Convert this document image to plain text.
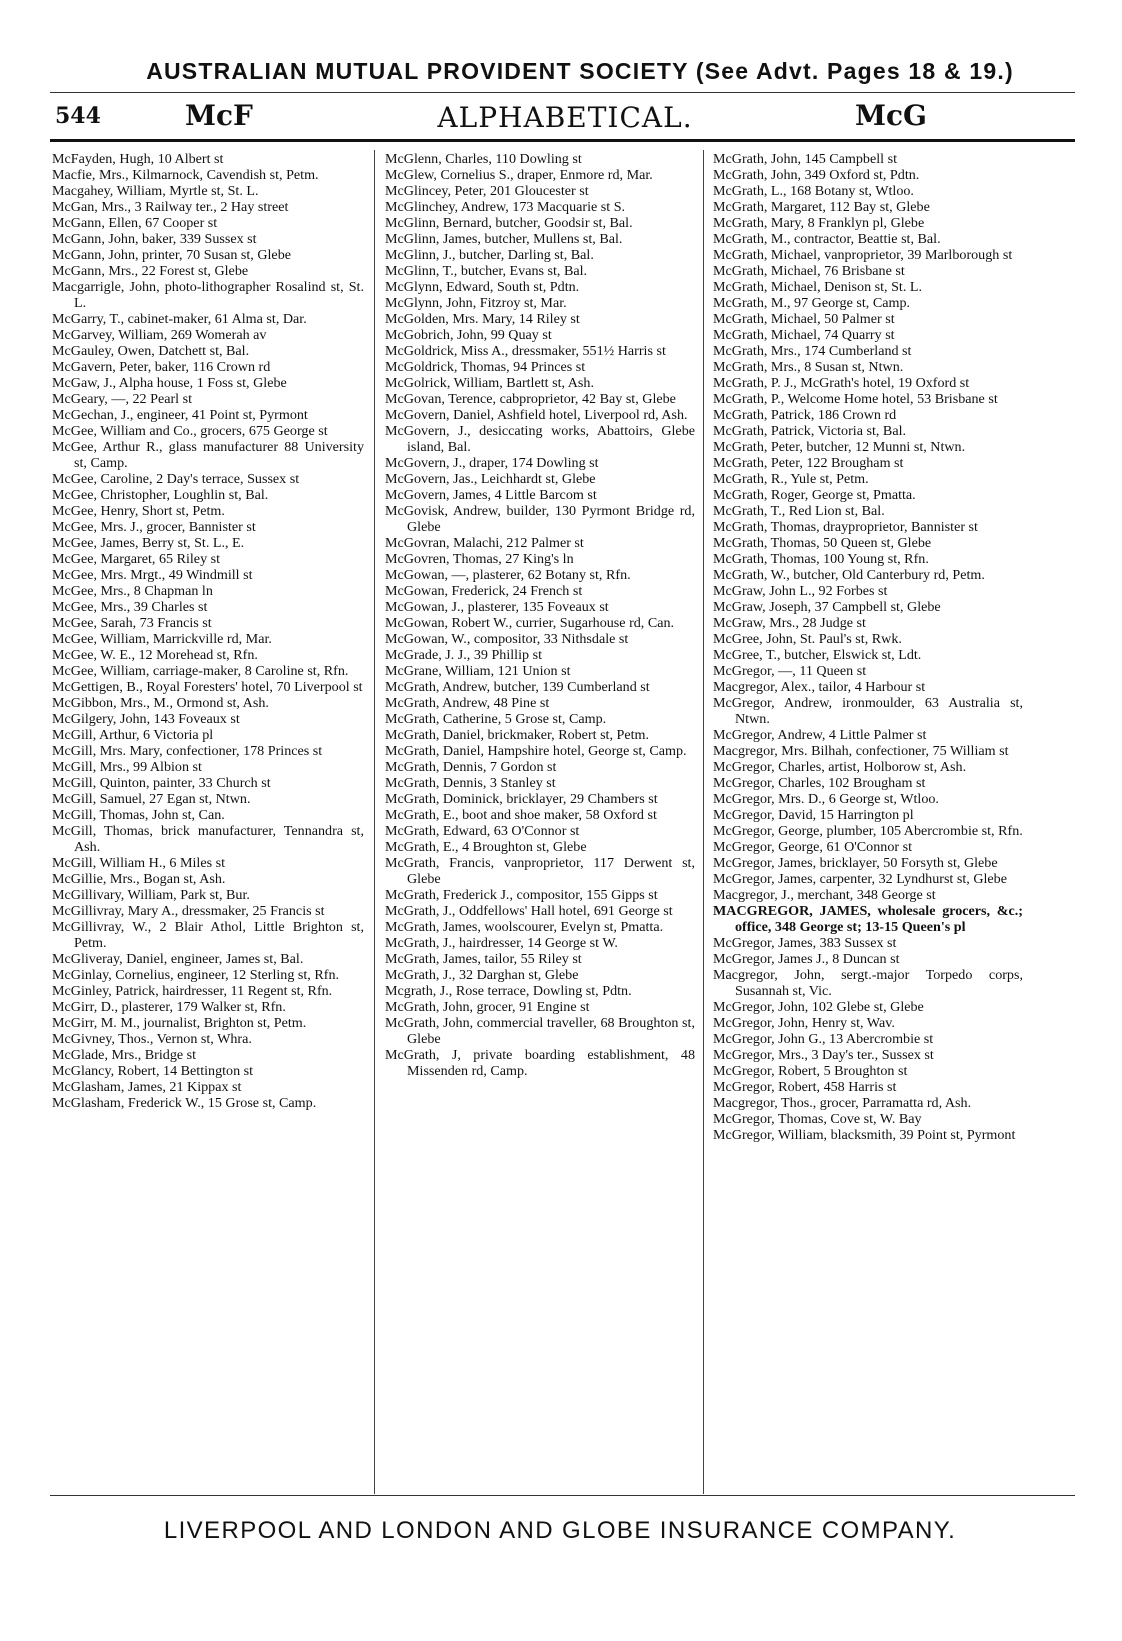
AUSTRALIAN MUTUAL PROVIDENT SOCIETY (See Advt. Pages 18 & 19.)
544	McF	ALPHABETICAL.	McG
McFayden, Hugh, 10 Albert st
Macfie, Mrs., Kilmarnock, Cavendish st, Petm.
Macgahey, William, Myrtle st, St. L.
McGan, Mrs., 3 Railway ter., 2 Hay street
McGann, Ellen, 67 Cooper st
McGann, John, baker, 339 Sussex st
McGann, John, printer, 70 Susan st, Glebe
McGann, Mrs., 22 Forest st, Glebe
Macgarrigle, John, photo-lithographer Rosalind st, St. L.
McGarry, T., cabinet-maker, 61 Alma st, Dar.
McGarvey, William, 269 Womerah av
McGauley, Owen, Datchett st, Bal.
McGavern, Peter, baker, 116 Crown rd
McGaw, J., Alpha house, 1 Foss st, Glebe
McGeary, —, 22 Pearl st
McGechan, J., engineer, 41 Point st, Pyrmont
McGee, William and Co., grocers, 675 George st
McGee, Arthur R., glass manufacturer 88 University st, Camp.
McGee, Caroline, 2 Day's terrace, Sussex st
McGee, Christopher, Loughlin st, Bal.
McGee, Henry, Short st, Petm.
McGee, Mrs. J., grocer, Bannister st
McGee, James, Berry st, St. L., E.
McGee, Margaret, 65 Riley st
McGee, Mrs. Mrgt., 49 Windmill st
McGee, Mrs., 8 Chapman ln
McGee, Mrs., 39 Charles st
McGee, Sarah, 73 Francis st
McGee, William, Marrickville rd, Mar.
McGee, W. E., 12 Morehead st, Rfn.
McGee, William, carriage-maker, 8 Caroline st, Rfn.
McGettigen, B., Royal Foresters' hotel, 70 Liverpool st
McGibbon, Mrs., M., Ormond st, Ash.
McGilgery, John, 143 Foveaux st
McGill, Arthur, 6 Victoria pl
McGill, Mrs. Mary, confectioner, 178 Princes st
McGill, Mrs., 99 Albion st
McGill, Quinton, painter, 33 Church st
McGill, Samuel, 27 Egan st, Ntwn.
McGill, Thomas, John st, Can.
McGill, Thomas, brick manufacturer, Tennandra st, Ash.
McGill, William H., 6 Miles st
McGillie, Mrs., Bogan st, Ash.
McGillivary, William, Park st, Bur.
McGillivray, Mary A., dressmaker, 25 Francis st
McGillivray, W., 2 Blair Athol, Little Brighton st, Petm.
McGliveray, Daniel, engineer, James st, Bal.
McGinlay, Cornelius, engineer, 12 Sterling st, Rfn.
McGinley, Patrick, hairdresser, 11 Regent st, Rfn.
McGirr, D., plasterer, 179 Walker st, Rfn.
McGirr, M. M., journalist, Brighton st, Petm.
McGivney, Thos., Vernon st, Whra.
McGlade, Mrs., Bridge st
McGlancy, Robert, 14 Bettington st
McGlasham, James, 21 Kippax st
McGlasham, Frederick W., 15 Grose st, Camp.
McGlenn, Charles, 110 Dowling st
McGlew, Cornelius S., draper, Enmore rd, Mar.
McGlincey, Peter, 201 Gloucester st
McGlinchey, Andrew, 173 Macquarie st S.
McGlinn, Bernard, butcher, Goodsir st, Bal.
McGlinn, James, butcher, Mullens st, Bal.
McGlinn, J., butcher, Darling st, Bal.
McGlinn, T., butcher, Evans st, Bal.
McGlynn, Edward, South st, Pdtn.
McGlynn, John, Fitzroy st, Mar.
McGolden, Mrs. Mary, 14 Riley st
McGobrich, John, 99 Quay st
McGoldrick, Miss A., dressmaker, 551½ Harris st
McGoldrick, Thomas, 94 Princes st
McGolrick, William, Bartlett st, Ash.
McGovan, Terence, cabproprietor, 42 Bay st, Glebe
McGovern, Daniel, Ashfield hotel, Liverpool rd, Ash.
McGovern, J., desiccating works, Abattoirs, Glebe island, Bal.
McGovern, J., draper, 174 Dowling st
McGovern, Jas., Leichhardt st, Glebe
McGovern, James, 4 Little Barcom st
McGovisk, Andrew, builder, 130 Pyrmont Bridge rd, Glebe
McGovran, Malachi, 212 Palmer st
McGovren, Thomas, 27 King's ln
McGowan, —, plasterer, 62 Botany st, Rfn.
McGowan, Frederick, 24 French st
McGowan, J., plasterer, 135 Foveaux st
McGowan, Robert W., currier, Sugarhouse rd, Can.
McGowan, W., compositor, 33 Nithsdale st
McGrade, J. J., 39 Phillip st
McGrane, William, 121 Union st
McGrath, Andrew, butcher, 139 Cumberland st
McGrath, Andrew, 48 Pine st
McGrath, Catherine, 5 Grose st, Camp.
McGrath, Daniel, brickmaker, Robert st, Petm.
McGrath, Daniel, Hampshire hotel, George st, Camp.
McGrath, Dennis, 7 Gordon st
McGrath, Dennis, 3 Stanley st
McGrath, Dominick, bricklayer, 29 Chambers st
McGrath, E., boot and shoe maker, 58 Oxford st
McGrath, Edward, 63 O'Connor st
McGrath, E., 4 Broughton st, Glebe
McGrath, Francis, vanproprietor, 117 Derwent st, Glebe
McGrath, Frederick J., compositor, 155 Gipps st
McGrath, J., Oddfellows' Hall hotel, 691 George st
McGrath, James, woolscourer, Evelyn st, Pmatta.
McGrath, J., hairdresser, 14 George st W.
McGrath, James, tailor, 55 Riley st
McGrath, J., 32 Darghan st, Glebe
Mcgrath, J., Rose terrace, Dowling st, Pdtn.
McGrath, John, grocer, 91 Engine st
McGrath, John, commercial traveller, 68 Broughton st, Glebe
McGrath, J, private boarding establishment, 48 Missenden rd, Camp.
McGrath, John, 145 Campbell st
McGrath, John, 349 Oxford st, Pdtn.
McGrath, L., 168 Botany st, Wtloo.
McGrath, Margaret, 112 Bay st, Glebe
McGrath, Mary, 8 Franklyn pl, Glebe
McGrath, M., contractor, Beattie st, Bal.
McGrath, Michael, vanproprietor, 39 Marlborough st
McGrath, Michael, 76 Brisbane st
McGrath, Michael, Denison st, St. L.
McGrath, M., 97 George st, Camp.
McGrath, Michael, 50 Palmer st
McGrath, Michael, 74 Quarry st
McGrath, Mrs., 174 Cumberland st
McGrath, Mrs., 8 Susan st, Ntwn.
McGrath, P. J., McGrath's hotel, 19 Oxford st
McGrath, P., Welcome Home hotel, 53 Brisbane st
McGrath, Patrick, 186 Crown rd
McGrath, Patrick, Victoria st, Bal.
McGrath, Peter, butcher, 12 Munni st, Ntwn.
McGrath, Peter, 122 Brougham st
McGrath, R., Yule st, Petm.
McGrath, Roger, George st, Pmatta.
McGrath, T., Red Lion st, Bal.
McGrath, Thomas, drayproprietor, Bannister st
McGrath, Thomas, 50 Queen st, Glebe
McGrath, Thomas, 100 Young st, Rfn.
McGrath, W., butcher, Old Canterbury rd, Petm.
McGraw, John L., 92 Forbes st
McGraw, Joseph, 37 Campbell st, Glebe
McGraw, Mrs., 28 Judge st
McGree, John, St. Paul's st, Rwk.
McGree, T., butcher, Elswick st, Ldt.
McGregor, —, 11 Queen st
Macgregor, Alex., tailor, 4 Harbour st
McGregor, Andrew, ironmoulder, 63 Australia st, Ntwn.
McGregor, Andrew, 4 Little Palmer st
Macgregor, Mrs. Bilhah, confectioner, 75 William st
McGregor, Charles, artist, Holborow st, Ash.
McGregor, Charles, 102 Brougham st
McGregor, Mrs. D., 6 George st, Wtloo.
McGregor, David, 15 Harrington pl
McGregor, George, plumber, 105 Abercrombie st, Rfn.
McGregor, George, 61 O'Connor st
McGregor, James, bricklayer, 50 Forsyth st, Glebe
McGregor, James, carpenter, 32 Lyndhurst st, Glebe
Macgregor, J., merchant, 348 George st
MACGREGOR, JAMES, wholesale grocers, &c.; office, 348 George st; 13-15 Queen's pl
McGregor, James, 383 Sussex st
McGregor, James J., 8 Duncan st
Macgregor, John, sergt.-major Torpedo corps, Susannah st, Vic.
McGregor, John, 102 Glebe st, Glebe
McGregor, John, Henry st, Wav.
McGregor, John G., 13 Abercrombie st
McGregor, Mrs., 3 Day's ter., Sussex st
McGregor, Robert, 5 Broughton st
McGregor, Robert, 458 Harris st
Macgregor, Thos., grocer, Parramatta rd, Ash.
McGregor, Thomas, Cove st, W. Bay
McGregor, William, blacksmith, 39 Point st, Pyrmont
LIVERPOOL AND LONDON AND GLOBE INSURANCE COMPANY.
